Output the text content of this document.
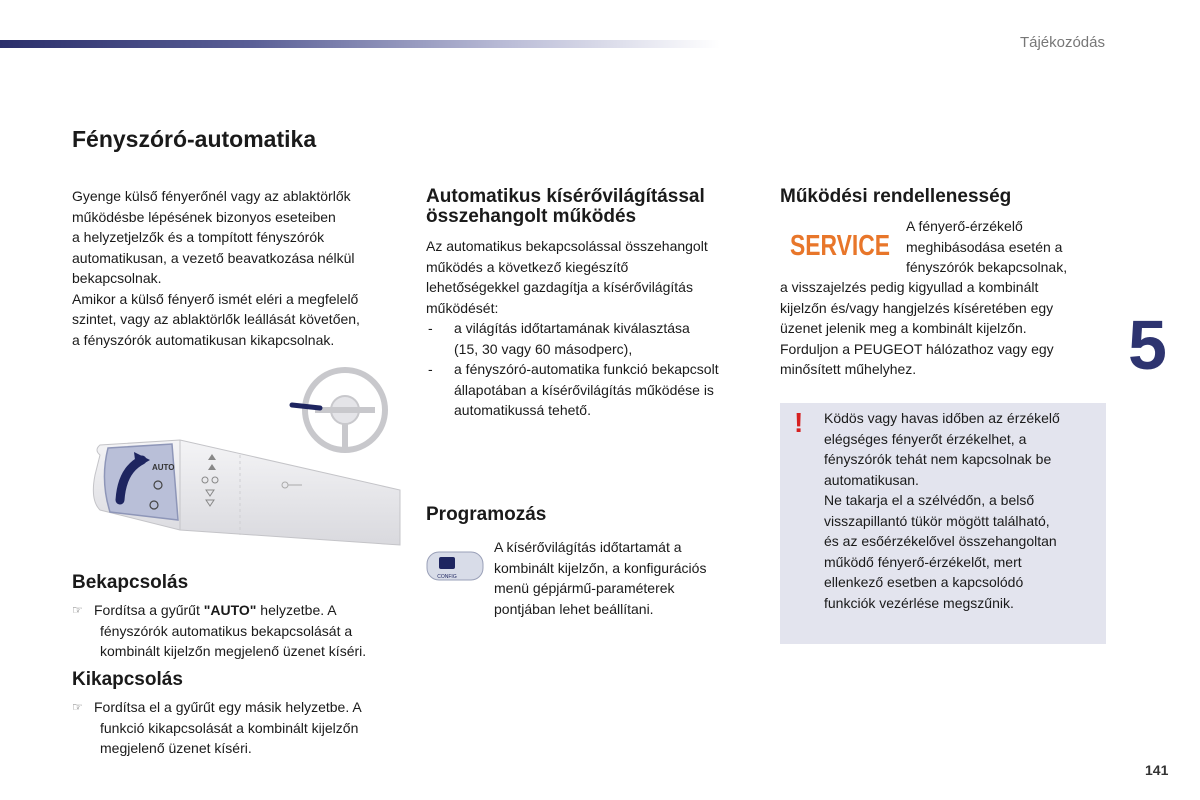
Tájékozódás
5
141
Fényszóró-automatika
Gyenge külső fényerőnél vagy az ablaktörlők
működésbe lépésének bizonyos eseteiben
a helyzetjelzők és a tompított fényszórók
automatikusan, a vezető beavatkozása nélkül
bekapcsolnak.
Amikor a külső fényerő ismét eléri a megfelelő
szintet, vagy az ablaktörlők leállását követően,
a fényszórók automatikusan kikapcsolnak.
AUTO
Bekapcsolás
☞ Fordítsa a gyűrűt "AUTO" helyzetbe. A
fényszórók automatikus bekapcsolását a
kombinált kijelzőn megjelenő üzenet kíséri.
Kikapcsolás
☞ Fordítsa el a gyűrűt egy másik helyzetbe. A
funkció kikapcsolását a kombinált kijelzőn
megjelenő üzenet kíséri.
Automatikus kísérővilágítással
összehangolt működés
Az automatikus bekapcsolással összehangolt
működés a következő kiegészítő
lehetőségekkel gazdagítja a kísérővilágítás
működését:
- a világítás időtartamának kiválasztása
(15, 30 vagy 60 másodperc),
- a fényszóró-automatika funkció bekapcsolt
állapotában a kísérővilágítás működése is
automatikussá tehető.
Programozás
CONFIG
A kísérővilágítás időtartamát a
kombinált kijelzőn, a konfigurációs
menü gépjármű-paraméterek
pontjában lehet beállítani.
Működési rendellenesség
SERVICE
A fényerő-érzékelő
meghibásodása esetén a
fényszórók bekapcsolnak,
a visszajelzés pedig kigyullad a kombinált
kijelzőn és/vagy hangjelzés kíséretében egy
üzenet jelenik meg a kombinált kijelzőn.
Forduljon a PEUGEOT hálózathoz vagy egy
minősített műhelyhez.
! Ködös vagy havas időben az érzékelő
elégséges fényerőt érzékelhet, a
fényszórók tehát nem kapcsolnak be
automatikusan.
Ne takarja el a szélvédőn, a belső
visszapillantó tükör mögött található,
és az esőérzékelővel összehangoltan
működő fényerő-érzékelőt, mert
ellenkező esetben a kapcsolódó
funkciók vezérlése megszűnik.
